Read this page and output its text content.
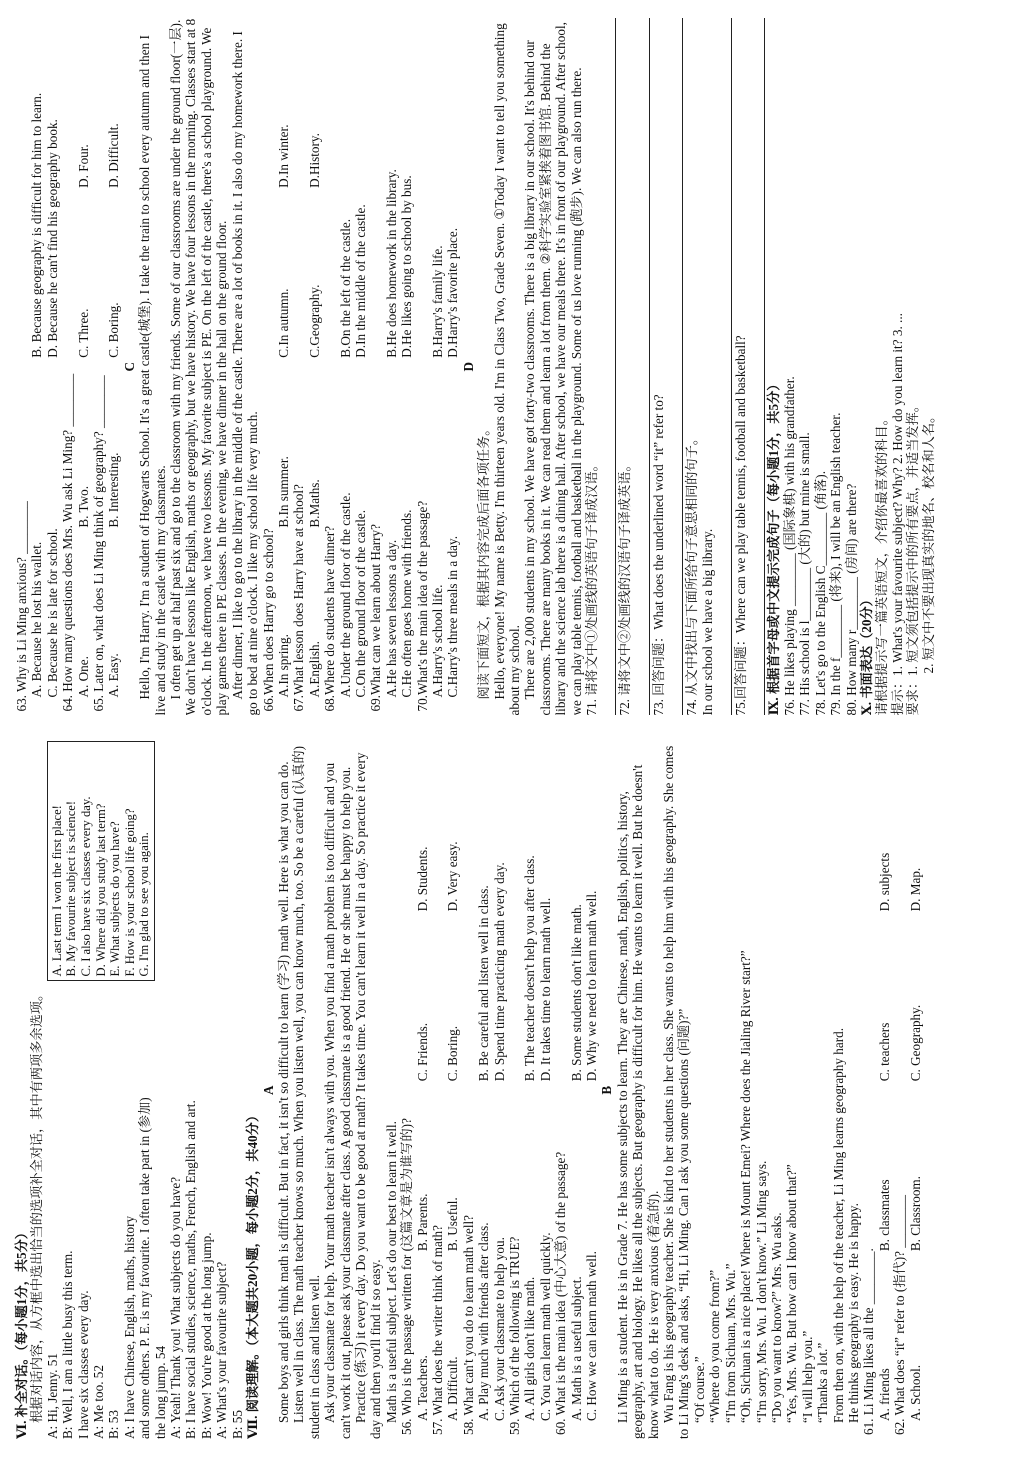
Ⅵ. 补全对话。（每小题1分，共5分） 根据对话内容，从方框中选出恰当的选项补全对话，其中有两项多余选项。

A. Last term I won the first place! B. My favourite subject is science! C. I also have six classes every day. D. Where did you study last term? E. What subjects do you have? F. How is your school life going? G. I'm glad to see you again.
A: Hi, Jenny. 51 B: Well, I am a little busy this term. I have six classes every day. A: Me too. 52 B: 53 A: I have Chinese, English, maths, history and some others. P. E. is my favourite. I often take part in (参加) the long jump. 54 A: Yeah! Thank you! What subjects do you have? B: I have social studies, science, maths, French, English and art. B: Wow! You're good at the long jump. A: What's your favourite subject? B: 55 Ⅶ. 阅读理解。（本大题共20小题，每小题2分，共40分）

A Some boys and girls think math is difficult. But in fact, it isn't so difficult to learn (学习) math well. Here is what you can do. Listen well in class. The math teacher knows so much. When you listen well, you can know much, too. So be a careful (认真的) student in class and listen well. Ask your classmate for help. Your math teacher isn't always with you. When you find a math problem is too difficult and you can't work it out, please ask your classmate after class. A good classmate is a good friend. He or she must be happy to help you. Practice (练习) it every day. Do you want to be good at math? It takes time. You can't learn it well in a day. So practice it every day and then you'll find it so easy. Math is a useful subject. Let's do our best to learn it well. 56. Who is the passage written for (这篇文章是为谁写的)? A. Teachers.
B. Parents.
C. Friends.
D. Students.
57. What does the writer think of math? A. Difficult.
B. Useful.
C. Boring.
D. Very easy.
58. What can't you do to learn math well? A. Play much with friends after class.
B. Be careful and listen well in class.
C. Ask your classmate to help you.
D. Spend time practicing math every day.
59. Which of the following is TRUE? A. All girls don't like math.
B. The teacher doesn't help you after class.
C. You can learn math well quickly.
D. It takes time to learn math well.
60. What is the main idea (中心大意) of the passage? A. Math is a useful subject.
B. Some students don't like math.
C. How we can learn math well.
D. Why we need to learn math well.

B Li Ming is a student. He is in Grade 7. He has some subjects to learn. They are Chinese, math, English, politics, history, geography, art and biology. He likes all the subjects. But geography is difficult for him. He wants to learn it well. But he doesn't know what to do. He is very anxious (着急的). Wu Fang is his geography teacher. She is kind to her students in her class. She wants to help him with his geography. She comes to Li Ming's desk and asks, “Hi, Li Ming. Can I ask you some questions (问题)?” “Of course.” “Where do you come from?” “I'm from Sichuan, Mrs. Wu.” “Oh, Sichuan is a nice place! Where is Mount Emei? Where does the Jialing River start?” “I'm sorry, Mrs. Wu. I don't know.” Li Ming says. “Do you want to know?” Mrs. Wu asks. “Yes, Mrs. Wu. But how can I know about that?” “I will help you.” “Thanks a lot.” From then on, with the help of the teacher, Li Ming learns geography hard. He thinks geography is easy. He is happy. 61. Li Ming likes all the ________. A. friends
B. classmates
C. teachers
D. subjects
62. What does “it” refer to (指代)? ________ A. School.
B. Classroom.
C. Geography.
D. Map.
63. Why is Li Ming anxious? ________ A. Because he lost his wallet.
B. Because geography is difficult for him to learn.
C. Because he is late for school.
D. Because he can't find his geography book.
64. How many questions does Mrs. Wu ask Li Ming? ________ A. One.
B. Two.
C. Three.
D. Four.
65. Later on, what does Li Ming think of geography? ________ A. Easy.
B. Interesting.
C. Boring.
D. Difficult.

C Hello, I'm Harry. I'm a student of Hogwarts School. It's a great castle(城堡). I take the train to school every autumn and then I live and study in the castle with my classmates. I often get up at half past six and go to the classroom with my friends. Some of our classrooms are under the ground floor(一层). We don't have lessons like English, maths or geography, but we have history. We have four lessons in the morning. Classes start at 8 o'clock. In the afternoon, we have two lessons. My favorite subject is PE. On the left of the castle, there's a school playground. We play games there in PE classes. In the evening, we have dinner in the hall on the ground floor. After dinner, I like to go to the library in the middle of the castle. There are a lot of books in it. I also do my homework there. I go to bed at nine o'clock. I like my school life very much. 66.When does Harry go to school? A.In spring.
B.In summer.
C.In autumn.
D.In winter.
67.What lesson does Harry have at school? A.English.
B.Maths.
C.Geography.
D.History.
68.Where do students have dinner? A.Under the ground floor of the castle.
B.On the left of the castle.
C.On the ground floor of the castle.
D.In the middle of the castle.
69.What can we learn about Harry? A.He has seven lessons a day.
B.He does homework in the library.
C.He often goes home with friends.
D.He likes going to school by bus.
70.What's the main idea of the passage? A.Harry's school life.
B.Harry's family life.
C.Harry's three meals in a day.
D.Harry's favorite place.

D

阅读下面短文，根据其内容完成后面各项任务。 Hello, everyone! My name is Betty. I'm thirteen years old. I'm in Class Two, Grade Seven. ①Today I want to tell you something about my school. There are 2,000 students in my school. We have got forty-two classrooms. There is a big library in our school. It's behind our classrooms. There are many books in it. We can read them and learn a lot from them. ②科学实验室紧挨着图书馆. Behind the library and the science lab there is a dining hall. After school, we have our meals there. It's in front of our playground. After school, we can play table tennis, football and basketball in the playground. Some of us love running (跑步). We can also run there. 71. 请将文中①处画线的英语句子译成汉语。 72. 请将文中②处画线的汉语句子译成英语。 73. 回答问题：What does the underlined word “it” refer to? 74. 从文中找出与下面所给句子意思相同的句子。 In our school we have a big library. 75.回答问题：Where can we play table tennis, football and basketball? Ⅸ. 根据首字母或中文提示完成句子（每小题1分，共5分） 76. He likes playing ________ (国际象棋) with his grandfather. 77. His school is l________ (大的) but mine is small. 78. Let's go to the English C________ (角落). 79. In the f________ (将来), I will be an English teacher. 80. How many r________ (房间) are there? Ⅹ. 书面表达（20分） 请根据提示写一篇英语短文，介绍你最喜欢的科目。 提示：1. What's your favourite subject? Why? 2. How do you learn it? 3. ... 要求：1. 短文须包括提示中的所有要点，并适当发挥。 2. 短文中不要出现真实的地名、校名和人名。
